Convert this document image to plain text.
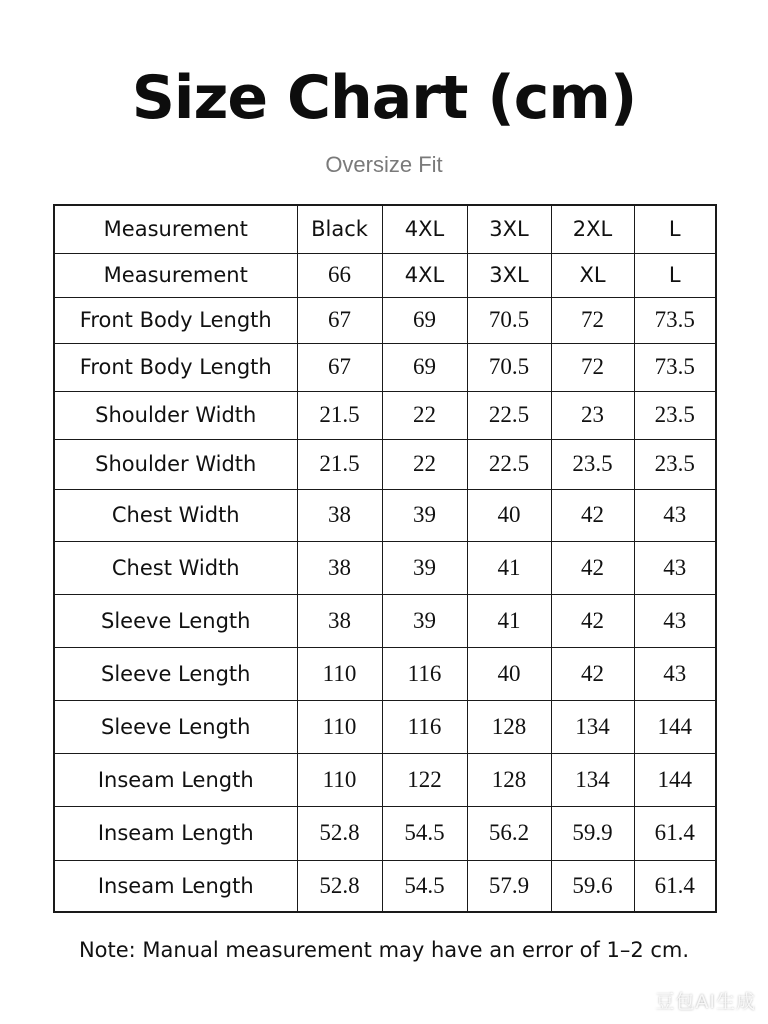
Size Chart (cm)
Oversize Fit
Measurement	Black	4XL	3XL	2XL	L
Measurement	66	4XL	3XL	XL	L
Front Body Length	67	69	70.5	72	73.5
Front Body Length	67	69	70.5	72	73.5
Shoulder Width	21.5	22	22.5	23	23.5
Shoulder Width	21.5	22	22.5	23.5	23.5
Chest Width	38	39	40	42	43
Chest Width	38	39	41	42	43
Sleeve Length	38	39	41	42	43
Sleeve Length	110	116	40	42	43
Sleeve Length	110	116	128	134	144
Inseam Length	110	122	128	134	144
Inseam Length	52.8	54.5	56.2	59.9	61.4
Inseam Length	52.8	54.5	57.9	59.6	61.4
Note: Manual measurement may have an error of 1–2 cm.
豆包AI生成
